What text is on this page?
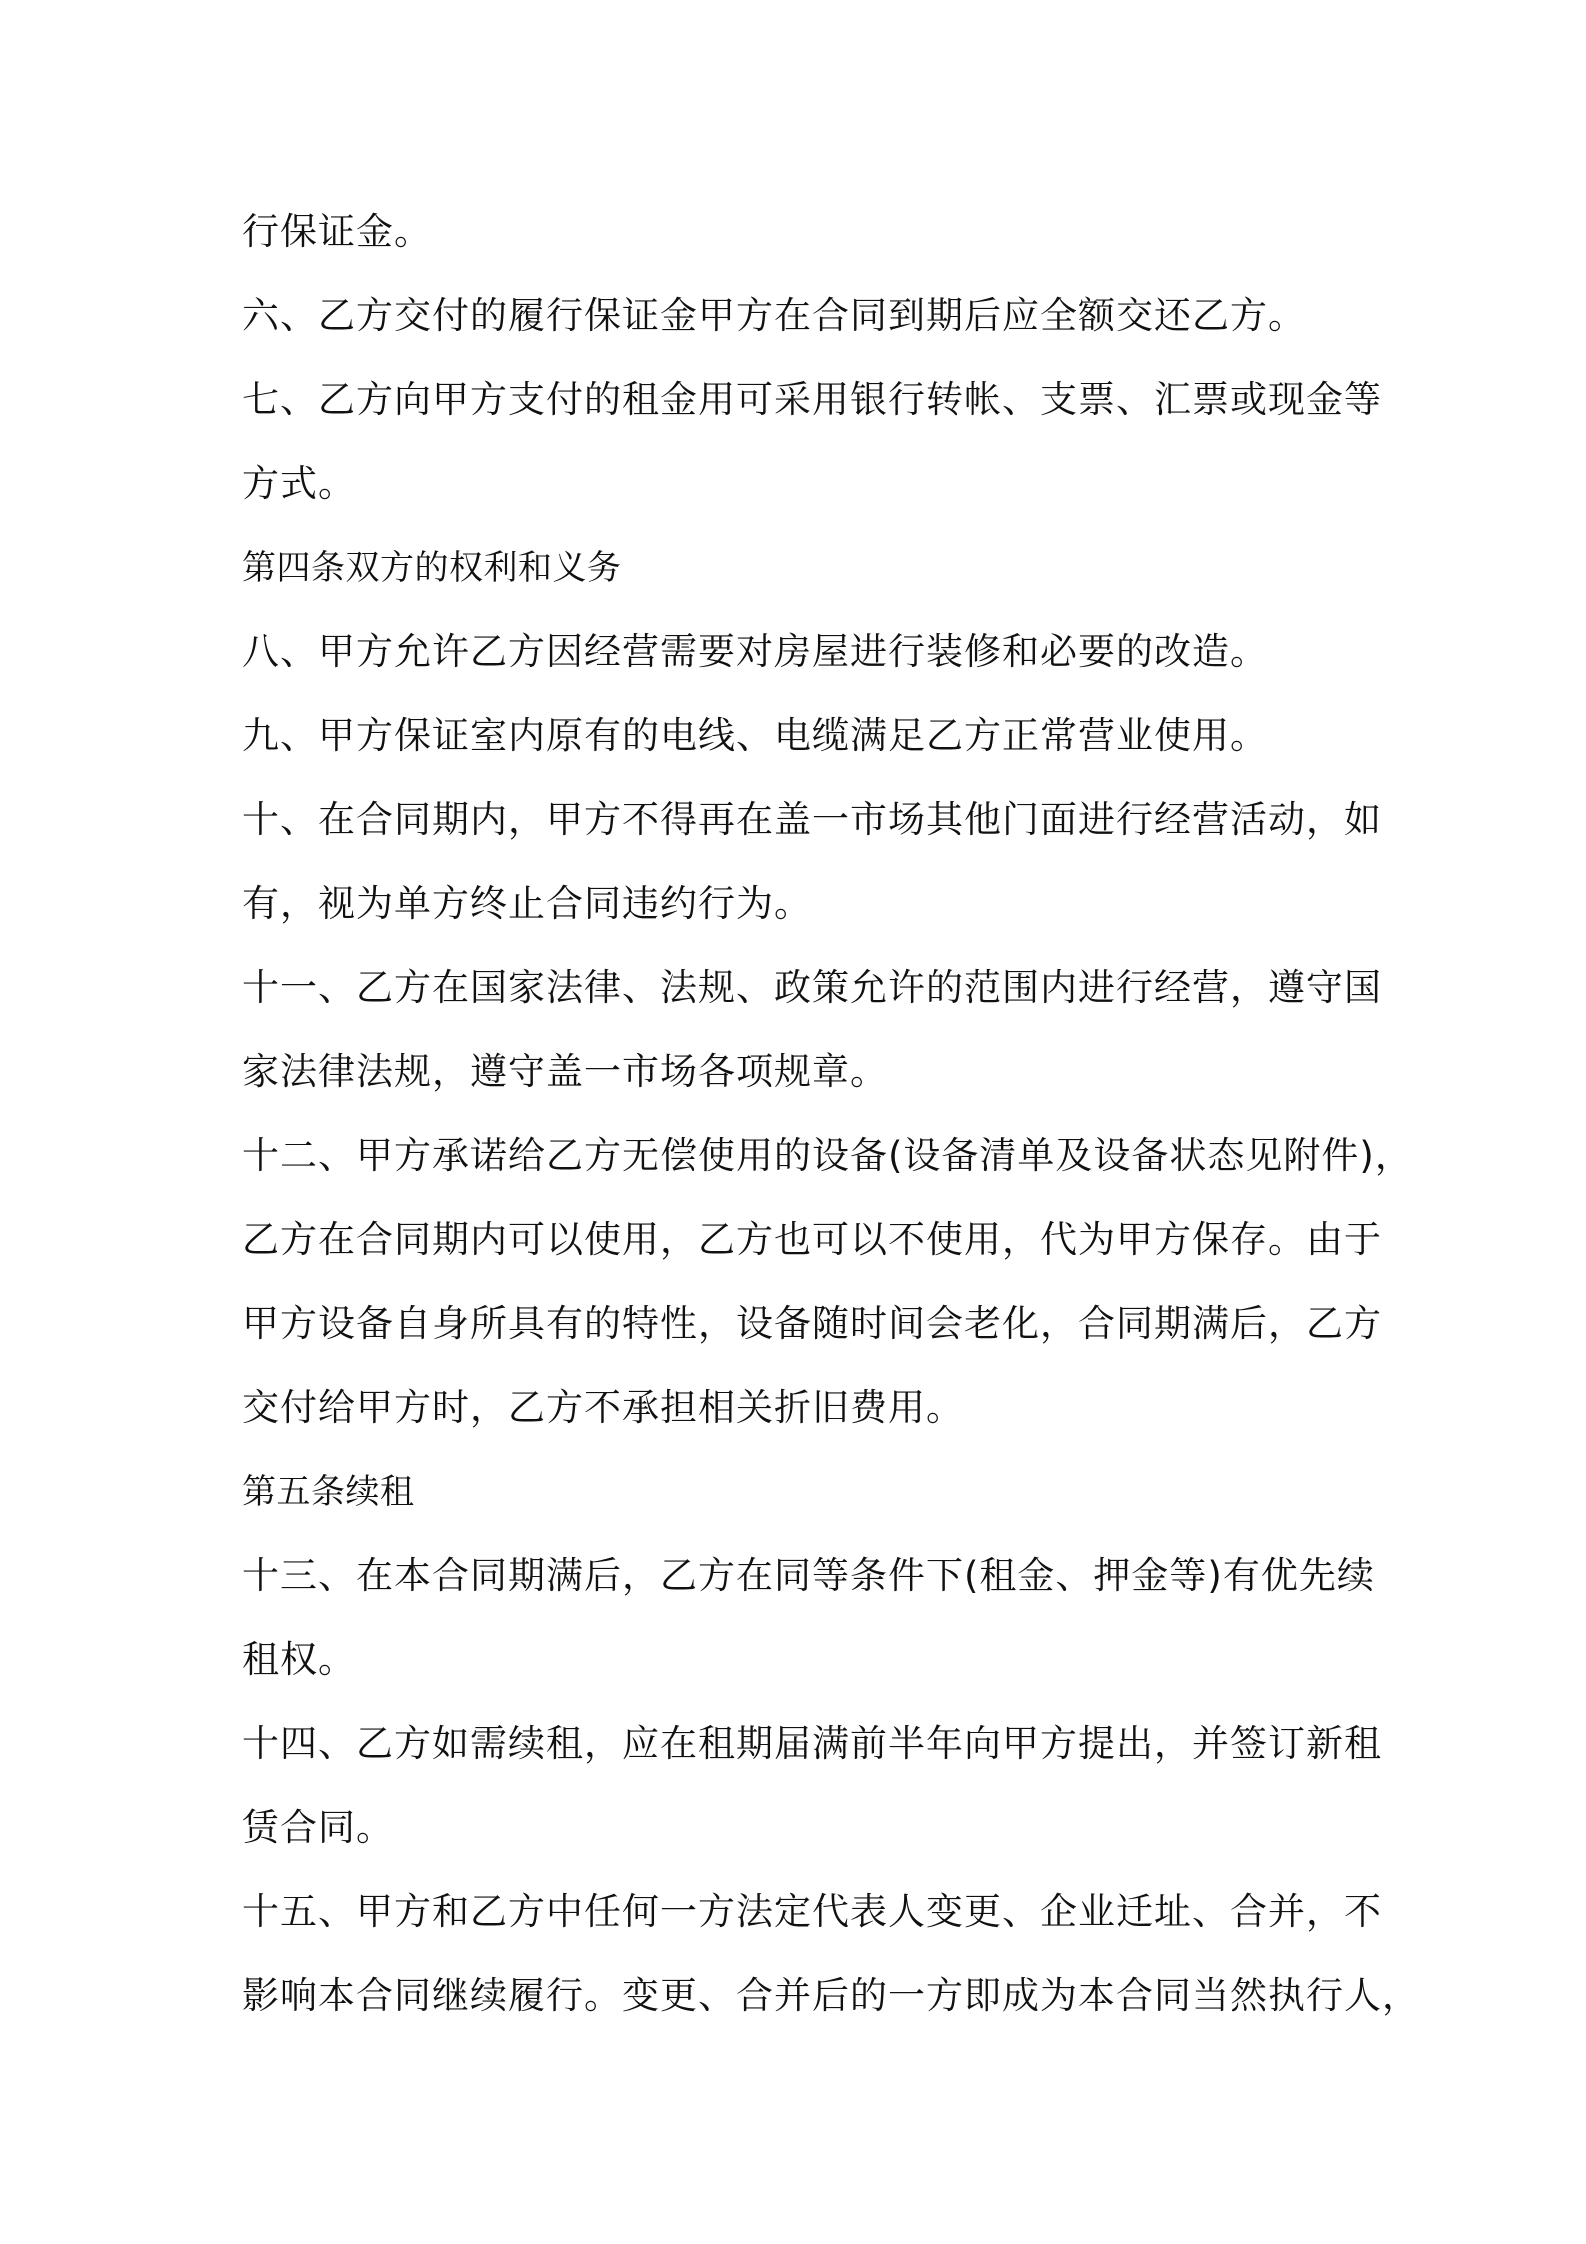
行保证金。
六、乙方交付的履行保证金甲方在合同到期后应全额交还乙方。
七、乙方向甲方支付的租金用可采用银行转帐、支票、汇票或现金等
方式。
第四条双方的权利和义务
八、甲方允许乙方因经营需要对房屋进行装修和必要的改造。
九、甲方保证室内原有的电线、电缆满足乙方正常营业使用。
十、在合同期内，甲方不得再在盖一市场其他门面进行经营活动，如
有，视为单方终止合同违约行为。
十一、乙方在国家法律、法规、政策允许的范围内进行经营，遵守国
家法律法规，遵守盖一市场各项规章。
十二、甲方承诺给乙方无偿使用的设备(设备清单及设备状态见附件)，
乙方在合同期内可以使用，乙方也可以不使用，代为甲方保存。由于
甲方设备自身所具有的特性，设备随时间会老化，合同期满后，乙方
交付给甲方时，乙方不承担相关折旧费用。
第五条续租
十三、在本合同期满后，乙方在同等条件下(租金、押金等)有优先续
租权。
十四、乙方如需续租，应在租期届满前半年向甲方提出，并签订新租
赁合同。
十五、甲方和乙方中任何一方法定代表人变更、企业迁址、合并，不
影响本合同继续履行。变更、合并后的一方即成为本合同当然执行人，
